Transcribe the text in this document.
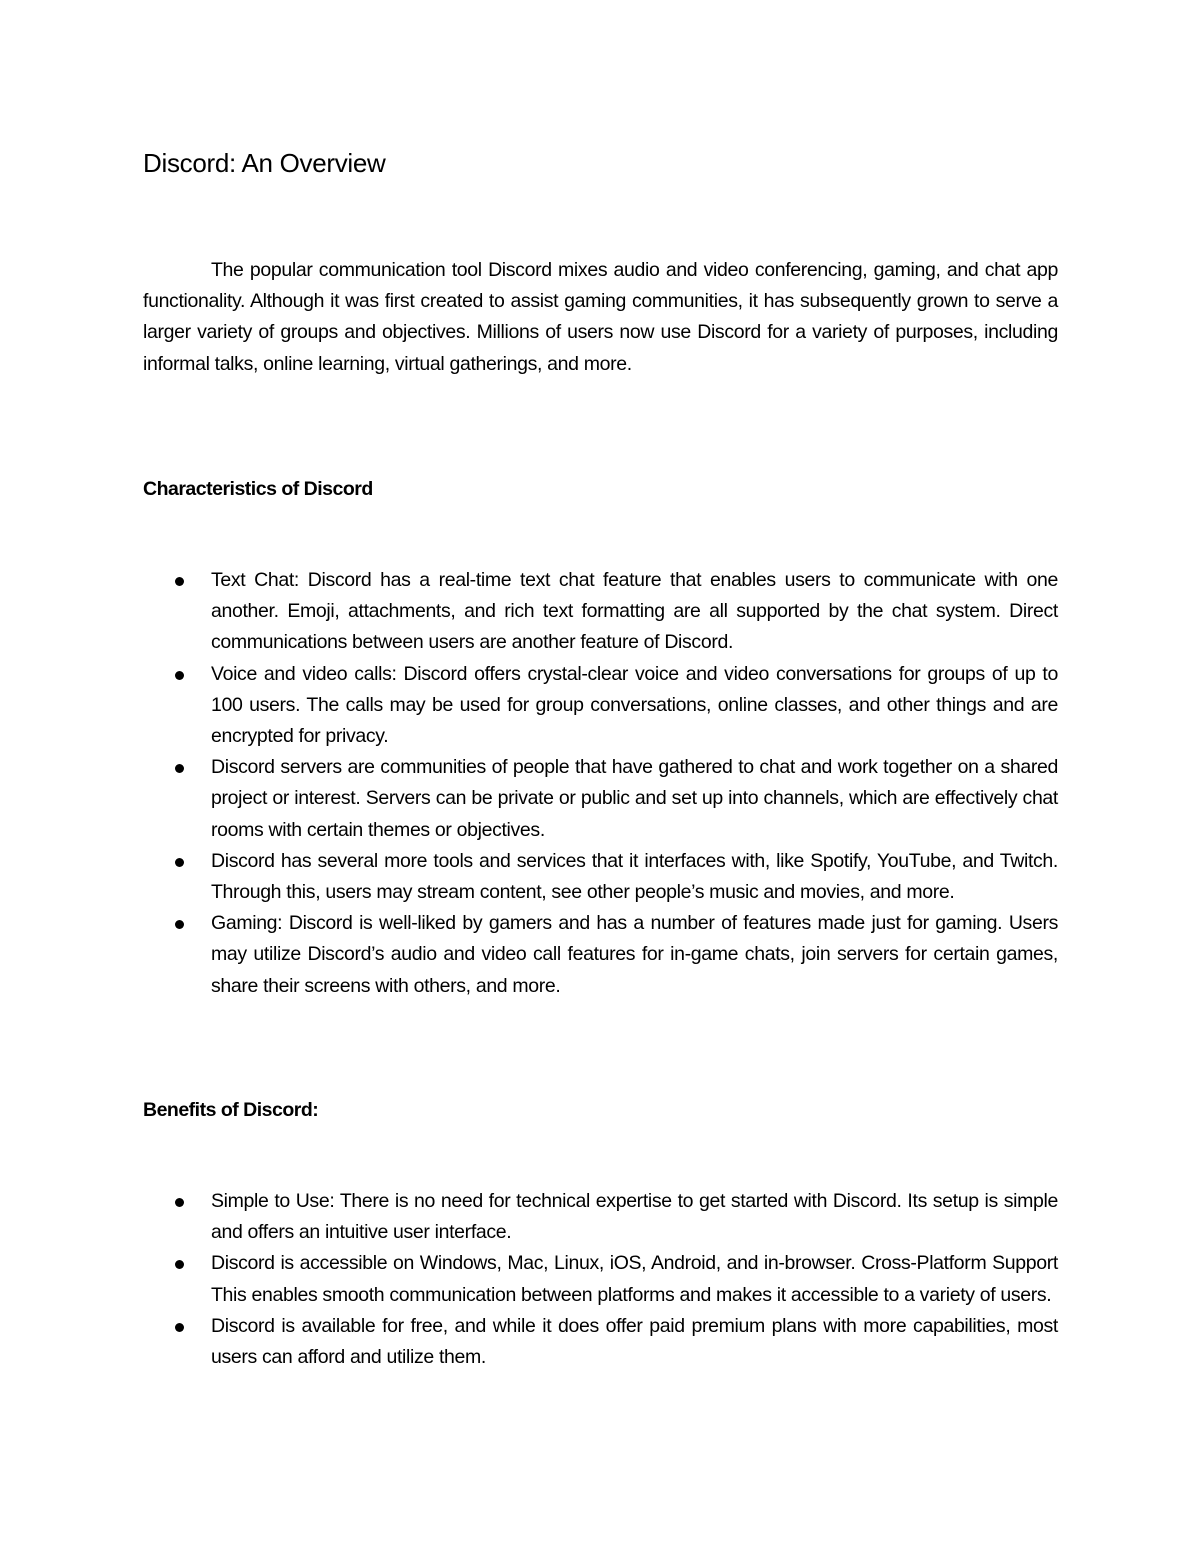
Discord: An Overview

The popular communication tool Discord mixes audio and video conferencing, gaming, and chat app functionality. Although it was first created to assist gaming communities, it has subsequently grown to serve a larger variety of groups and objectives. Millions of users now use Discord for a variety of purposes, including informal talks, online learning, virtual gatherings, and more.

Characteristics of Discord
Text Chat: Discord has a real-time text chat feature that enables users to communicate with one another. Emoji, attachments, and rich text formatting are all supported by the chat system. Direct communications between users are another feature of Discord.
Voice and video calls: Discord offers crystal-clear voice and video conversations for groups of up to 100 users. The calls may be used for group conversations, online classes, and other things and are encrypted for privacy.
Discord servers are communities of people that have gathered to chat and work together on a shared project or interest. Servers can be private or public and set up into channels, which are effectively chat rooms with certain themes or objectives.
Discord has several more tools and services that it interfaces with, like Spotify, YouTube, and Twitch. Through this, users may stream content, see other people’s music and movies, and more.
Gaming: Discord is well-liked by gamers and has a number of features made just for gaming. Users may utilize Discord’s audio and video call features for in-game chats, join servers for certain games, share their screens with others, and more.
Benefits of Discord:
Simple to Use: There is no need for technical expertise to get started with Discord. Its setup is simple and offers an intuitive user interface.
Discord is accessible on Windows, Mac, Linux, iOS, Android, and in-browser. Cross-Platform Support This enables smooth communication between platforms and makes it accessible to a variety of users.
Discord is available for free, and while it does offer paid premium plans with more capabilities, most users can afford and utilize them.
